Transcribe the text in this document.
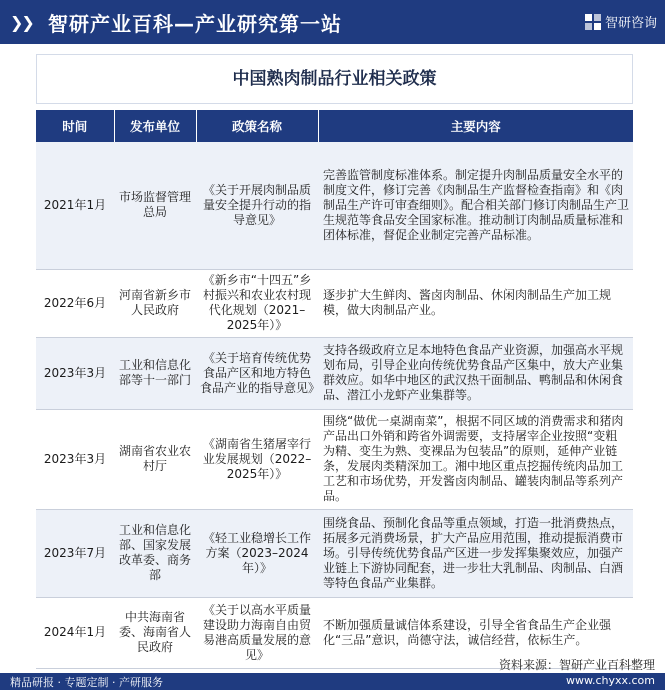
❯❯ 智研产业百科—产业研究第一站	智研咨询
中国熟肉制品行业相关政策
时间	发布单位	政策名称	主要内容
2021年1月	市场监督管理总局	《关于开展肉制品质量安全提升行动的指导意见》	完善监管制度标准体系。制定提升肉制品质量安全水平的制度文件，修订完善《肉制品生产监督检查指南》和《肉制品生产许可审查细则》。配合相关部门修订肉制品生产卫生规范等食品安全国家标准。推动制订肉制品质量标准和团体标准，督促企业制定完善产品标准。
2022年6月	河南省新乡市人民政府	《新乡市“十四五”乡村振兴和农业农村现代化规划（2021–2025年）》	逐步扩大生鲜肉、酱卤肉制品、休闲肉制品生产加工规模，做大肉制品产业。
2023年3月	工业和信息化部等十一部门	《关于培育传统优势食品产区和地方特色食品产业的指导意见》	支持各级政府立足本地特色食品产业资源，加强高水平规划布局，引导企业向传统优势食品产区集中，放大产业集群效应。如华中地区的武汉热干面制品、鸭制品和休闲食品、潜江小龙虾产业集群等。
2023年3月	湖南省农业农村厅	《湖南省生猪屠宰行业发展规划（2022–2025年）》	围绕“做优一桌湖南菜”，根据不同区域的消费需求和猪肉产品出口外销和跨省外调需要，支持屠宰企业按照“变粗为精、变生为熟、变裸品为包装品”的原则，延伸产业链条，发展肉类精深加工。湘中地区重点挖掘传统肉品加工工艺和市场优势，开发酱卤肉制品、罐装肉制品等系列产品。
2023年7月	工业和信息化部、国家发展改革委、商务部	《轻工业稳增长工作方案（2023–2024年）》	围绕食品、预制化食品等重点领域，打造一批消费热点，拓展多元消费场景，扩大产品应用范围，推动提振消费市场。引导传统优势食品产区进一步发挥集聚效应，加强产业链上下游协同配套，进一步壮大乳制品、肉制品、白酒等特色食品产业集群。
2024年1月	中共海南省委、海南省人民政府	《关于以高水平质量建设助力海南自由贸易港高质量发展的意见》	不断加强质量诚信体系建设，引导全省食品生产企业强化“三品”意识，尚德守法，诚信经营，依标生产。
资料来源：智研产业百科整理
精品研报 · 专题定制 · 产研服务	www.chyxx.com
